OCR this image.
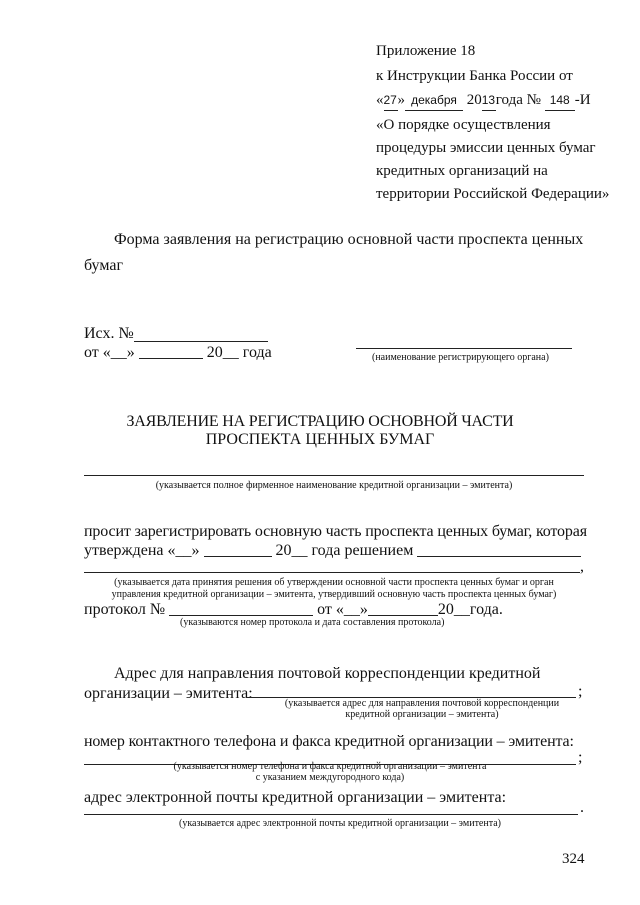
Приложение 18
к Инструкции Банка России от
«27» декабря 2013года № 148 -И
«О порядке осуществления
процедуры эмиссии ценных бумаг
кредитных организаций на
территории Российской Федерации»
Форма заявления на регистрацию основной части проспекта ценных
бумаг
Исх. №
от «__»	20__ года	(наименование регистрирующего органа)
ЗАЯВЛЕНИЕ НА РЕГИСТРАЦИЮ ОСНОВНОЙ ЧАСТИ
ПРОСПЕКТА ЦЕННЫХ БУМАГ
(указывается полное фирменное наименование кредитной организации – эмитента)
просит зарегистрировать основную часть проспекта ценных бумаг, которая
утверждена «__»	20__ года решением
,
(указывается дата принятия решения об утверждении основной части проспекта ценных бумаг и орган
управления кредитной организации – эмитента, утвердивший основную часть проспекта ценных бумаг)
протокол №	от «__»	20__года.
(указываются номер протокола и дата составления протокола)
Адрес для направления почтовой корреспонденции кредитной
организации – эмитента:	;
(указывается адрес для направления почтовой корреспонденции
кредитной организации – эмитента)
номер контактного телефона и факса кредитной организации – эмитента:
;
(указывается номер телефона и факса кредитной организации – эмитента
с указанием междугородного кода)
адрес электронной почты кредитной организации – эмитента:
.
(указывается адрес электронной почты кредитной организации – эмитента)
324
